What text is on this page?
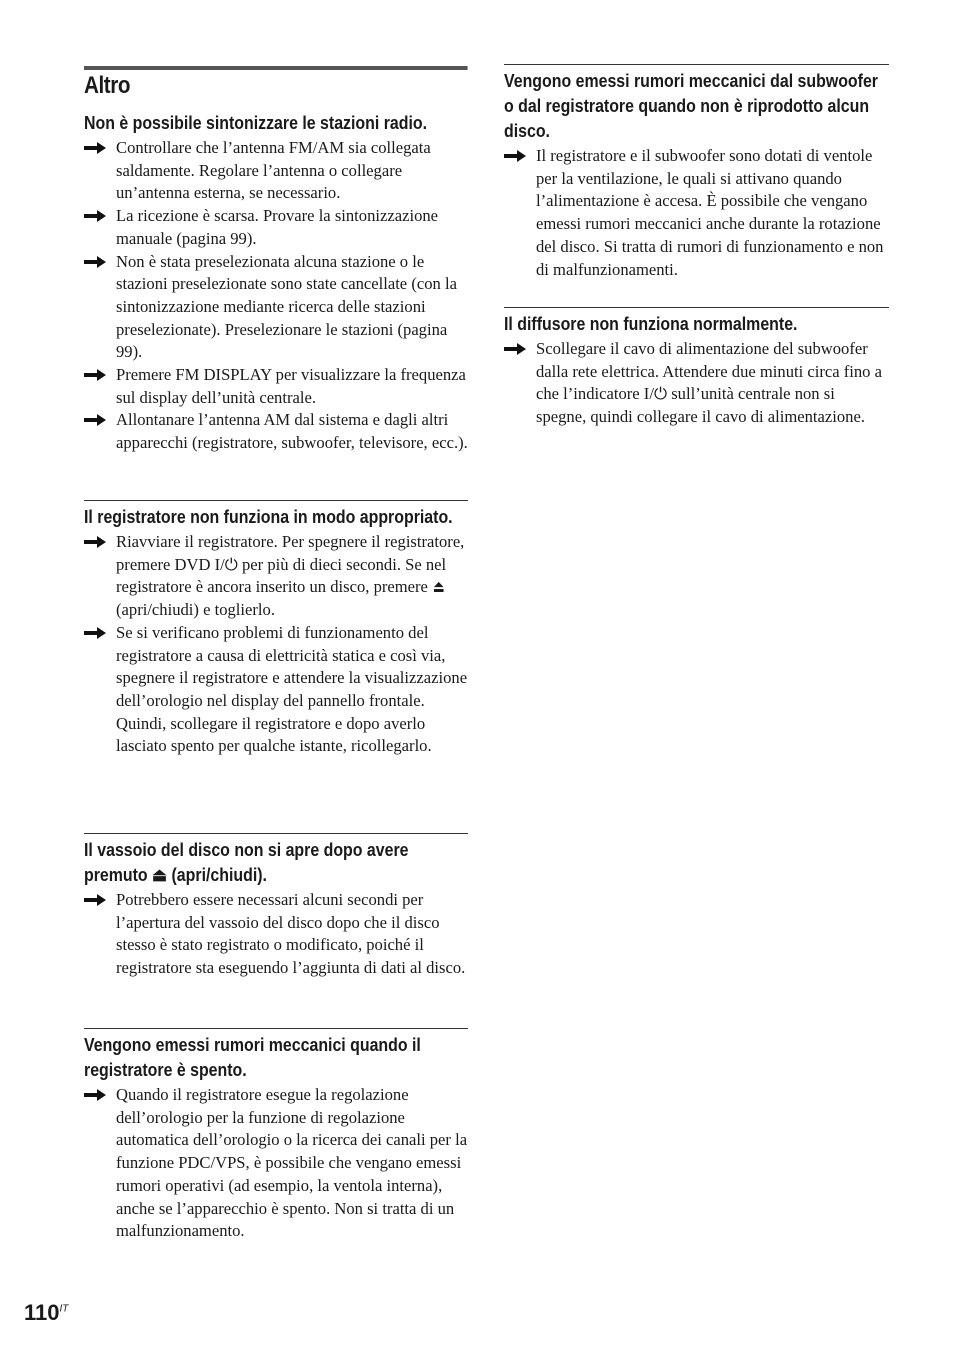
Altro
Non è possibile sintonizzare le stazioni radio.
Controllare che l’antenna FM/AM sia collegata saldamente. Regolare l’antenna o collegare un’antenna esterna, se necessario.
La ricezione è scarsa. Provare la sintonizzazione manuale (pagina 99).
Non è stata preselezionata alcuna stazione o le stazioni preselezionate sono state cancellate (con la sintonizzazione mediante ricerca delle stazioni preselezionate). Preselezionare le stazioni (pagina 99).
Premere FM DISPLAY per visualizzare la frequenza sul display dell’unità centrale.
Allontanare l’antenna AM dal sistema e dagli altri apparecchi (registratore, subwoofer, televisore, ecc.).
Il registratore non funziona in modo appropriato.
Riavviare il registratore. Per spegnere il registratore, premere DVD I/⏻ per più di dieci secondi. Se nel registratore è ancora inserito un disco, premere ⏏ (apri/chiudi) e toglierlo.
Se si verificano problemi di funzionamento del registratore a causa di elettricità statica e così via, spegnere il registratore e attendere la visualizzazione dell’orologio nel display del pannello frontale. Quindi, scollegare il registratore e dopo averlo lasciato spento per qualche istante, ricollegarlo.
Il vassoio del disco non si apre dopo avere premuto ⏏ (apri/chiudi).
Potrebbero essere necessari alcuni secondi per l’apertura del vassoio del disco dopo che il disco stesso è stato registrato o modificato, poiché il registratore sta eseguendo l’aggiunta di dati al disco.
Vengono emessi rumori meccanici quando il registratore è spento.
Quando il registratore esegue la regolazione dell’orologio per la funzione di regolazione automatica dell’orologio o la ricerca dei canali per la funzione PDC/VPS, è possibile che vengano emessi rumori operativi (ad esempio, la ventola interna), anche se l’apparecchio è spento. Non si tratta di un malfunzionamento.
Vengono emessi rumori meccanici dal subwoofer o dal registratore quando non è riprodotto alcun disco.
Il registratore e il subwoofer sono dotati di ventole per la ventilazione, le quali si attivano quando l’alimentazione è accesa. È possibile che vengano emessi rumori meccanici anche durante la rotazione del disco. Si tratta di rumori di funzionamento e non di malfunzionamenti.
Il diffusore non funziona normalmente.
Scollegare il cavo di alimentazione del subwoofer dalla rete elettrica. Attendere due minuti circa fino a che l’indicatore I/⏻ sull’unità centrale non si spegne, quindi collegare il cavo di alimentazione.
$110^{IT}$
